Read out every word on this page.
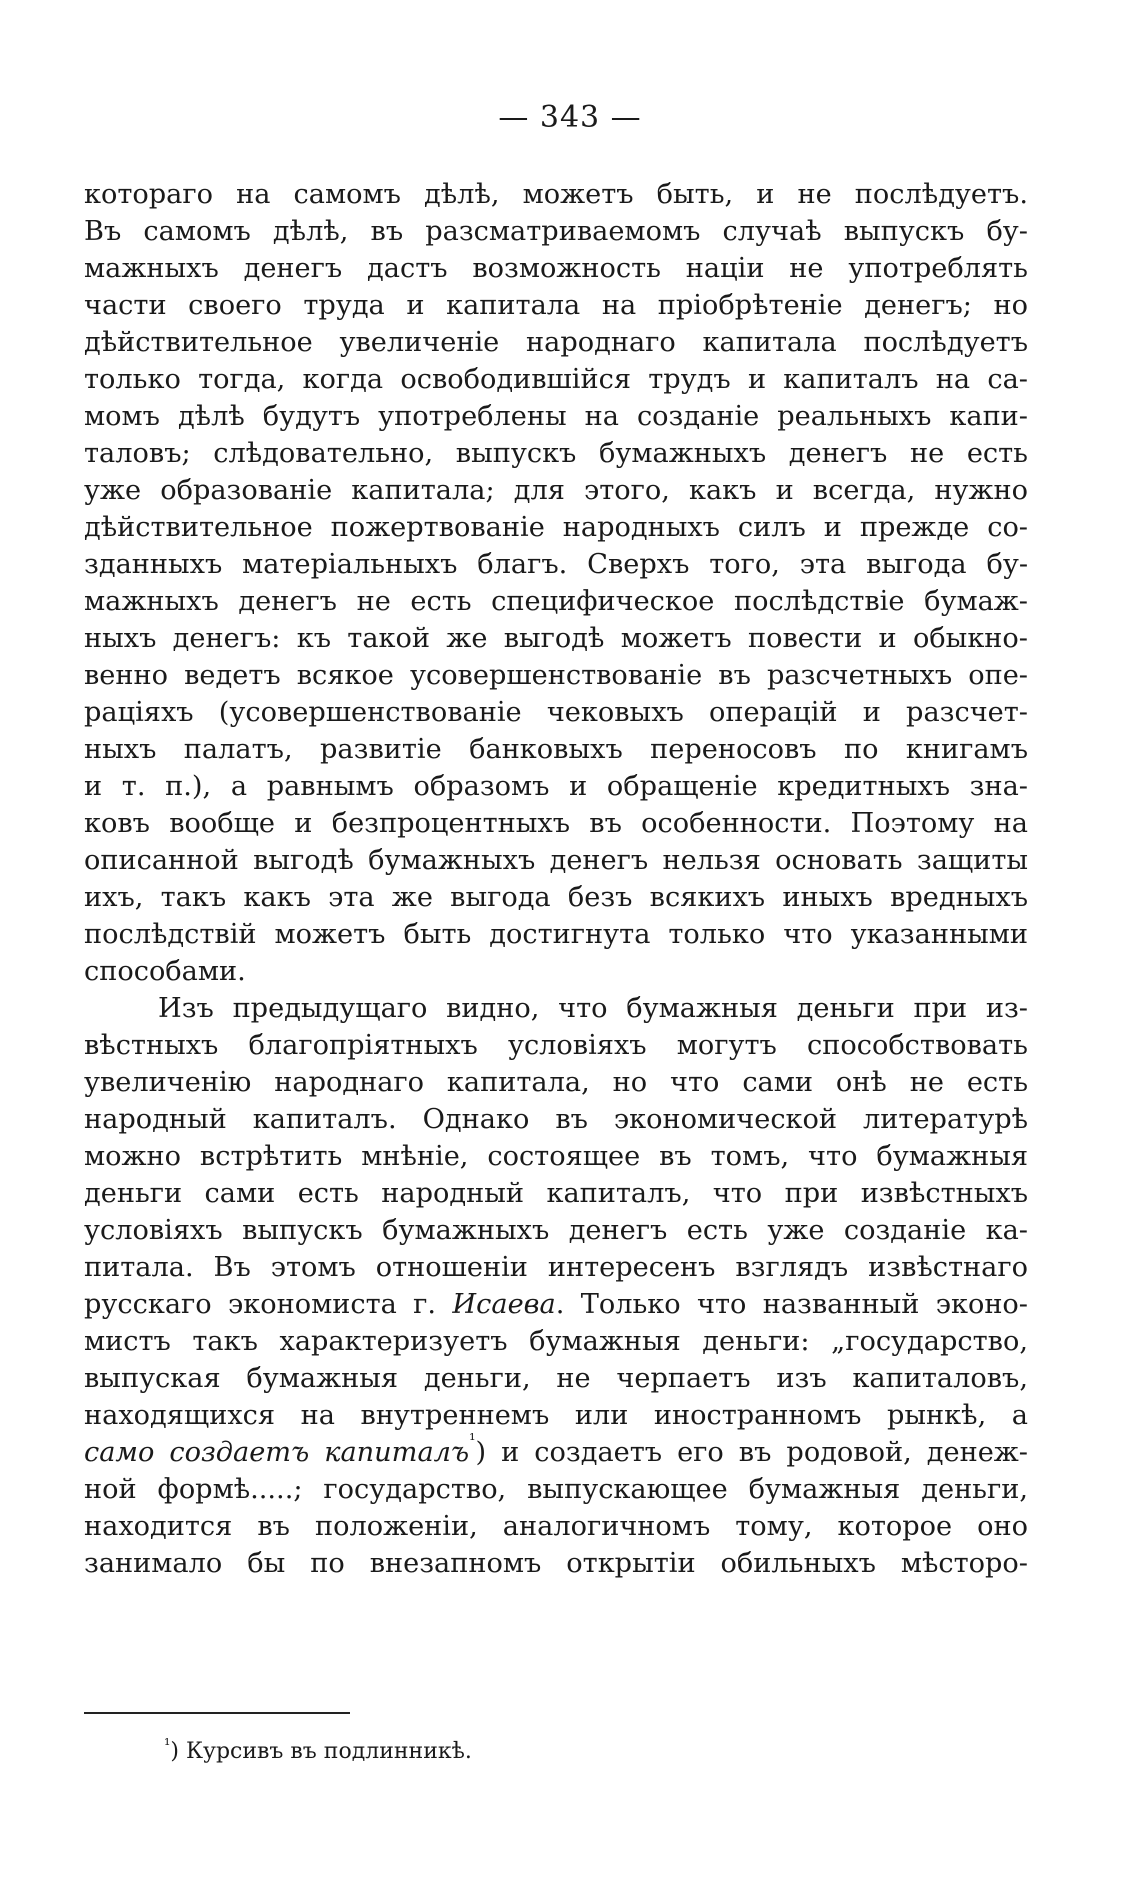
— 343 —
котораго на самомъ дѣлѣ, можетъ быть, и не послѣдуетъ.
Въ самомъ дѣлѣ, въ разсматриваемомъ случаѣ выпускъ бу-
мажныхъ денегъ дастъ возможность націи не употреблять
части своего труда и капитала на пріобрѣтеніе денегъ; но
дѣйствительное увеличеніе народнаго капитала послѣдуетъ
только тогда, когда освободившійся трудъ и капиталъ на са-
момъ дѣлѣ будутъ употреблены на созданіе реальныхъ капи-
таловъ; слѣдовательно, выпускъ бумажныхъ денегъ не есть
уже образованіе капитала; для этого, какъ и всегда, нужно
дѣйствительное пожертвованіе народныхъ силъ и прежде со-
зданныхъ матеріальныхъ благъ. Сверхъ того, эта выгода бу-
мажныхъ денегъ не есть специфическое послѣдствіе бумаж-
ныхъ денегъ: къ такой же выгодѣ можетъ повести и обыкно-
венно ведетъ всякое усовершенствованіе въ разсчетныхъ опе-
раціяхъ (усовершенствованіе чековыхъ операцій и разсчет-
ныхъ палатъ, развитіе банковыхъ переносовъ по книгамъ
и т. п.), а равнымъ образомъ и обращеніе кредитныхъ зна-
ковъ вообще и безпроцентныхъ въ особенности. Поэтому на
описанной выгодѣ бумажныхъ денегъ нельзя основать защиты
ихъ, такъ какъ эта же выгода безъ всякихъ иныхъ вредныхъ
послѣдствій можетъ быть достигнута только что указанными
способами.
Изъ предыдущаго видно, что бумажныя деньги при из-
вѣстныхъ благопріятныхъ условіяхъ могутъ способствовать
увеличенію народнаго капитала, но что сами онѣ не есть
народный капиталъ. Однако въ экономической литературѣ
можно встрѣтить мнѣніе, состоящее въ томъ, что бумажныя
деньги сами есть народный капиталъ, что при извѣстныхъ
условіяхъ выпускъ бумажныхъ денегъ есть уже созданіе ка-
питала. Въ этомъ отношеніи интересенъ взглядъ извѣстнаго
русскаго экономиста г. Исаева. Только что названный эконо-
мистъ такъ характеризуетъ бумажныя деньги: „государство,
выпуская бумажныя деньги, не черпаетъ изъ капиталовъ,
находящихся на внутреннемъ или иностранномъ рынкѣ, а
само создаетъ капиталъ$^{^1}$) и создаетъ его въ родовой, денеж-
ной формѣ.....; государство, выпускающее бумажныя деньги,
находится въ положеніи, аналогичномъ тому, которое оно
занимало бы по внезапномъ открытіи обильныхъ мѣсторо-
$^{^1}$) Курсивъ въ подлинникѣ.
